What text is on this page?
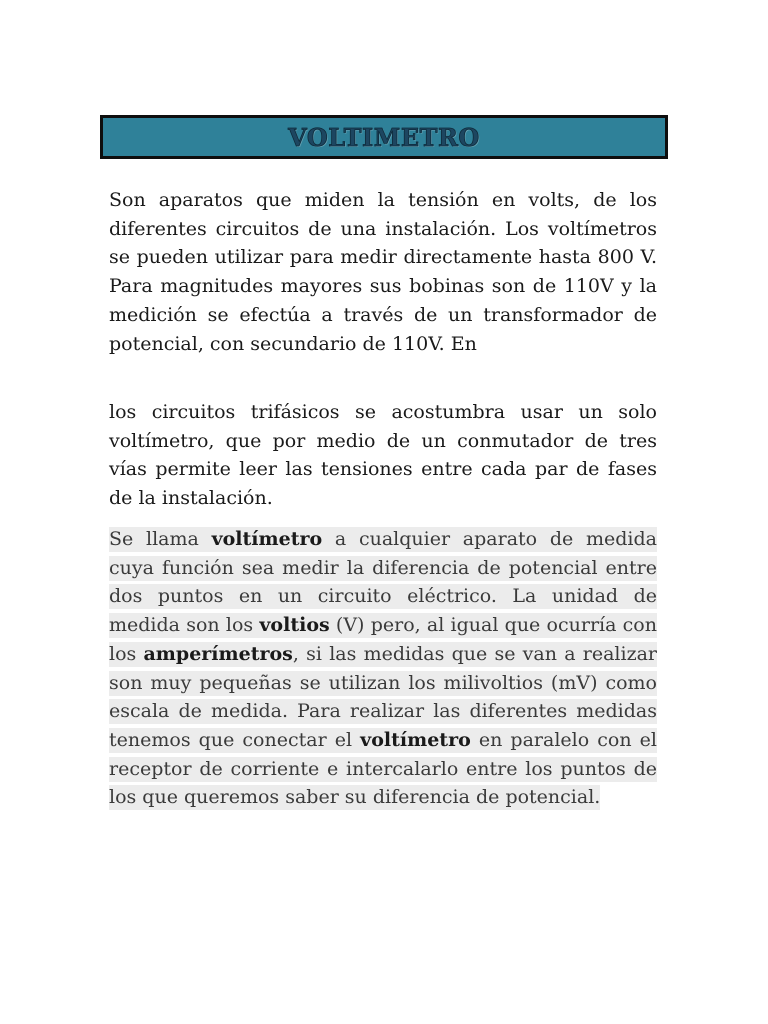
VOLTIMETRO

Son aparatos que miden la tensión en volts, de los diferentes circuitos de una instalación. Los voltímetros se pueden utilizar para medir directamente hasta 800 V. Para magnitudes mayores sus bobinas son de 110V y la medición se efectúa a través de un transformador de potencial, con secundario de 110V. En

los circuitos trifásicos se acostumbra usar un solo voltímetro, que por medio de un conmutador de tres vías permite leer las tensiones entre cada par de fases de la instalación.

Se llama voltímetro a cualquier aparato de medida cuya función sea medir la diferencia de potencial entre dos puntos en un circuito eléctrico. La unidad de medida son los voltios (V) pero, al igual que ocurría con los amperímetros, si las medidas que se van a realizar son muy pequeñas se utilizan los milivoltios (mV) como escala de medida. Para realizar las diferentes medidas tenemos que conectar el voltímetro en paralelo con el receptor de corriente e intercalarlo entre los puntos de los que queremos saber su diferencia de potencial.
